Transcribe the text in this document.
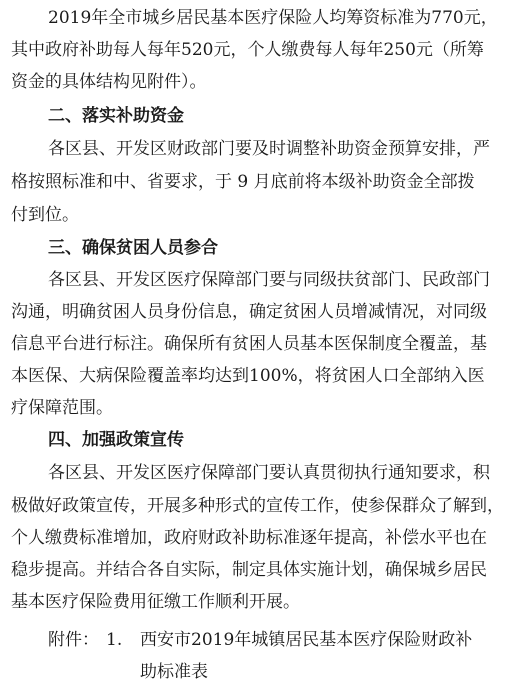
2019年全市城乡居民基本医疗保险人均筹资标准为770元，
其中政府补助每人每年520元，个人缴费每人每年250元（所筹
资金的具体结构见附件）。
二、落实补助资金
各区县、开发区财政部门要及时调整补助资金预算安排，严
格按照标准和中、省要求，于 9 月底前将本级补助资金全部拨
付到位。
三、确保贫困人员参合
各区县、开发区医疗保障部门要与同级扶贫部门、民政部门
沟通，明确贫困人员身份信息，确定贫困人员增减情况，对同级
信息平台进行标注。确保所有贫困人员基本医保制度全覆盖，基
本医保、大病保险覆盖率均达到100%，将贫困人口全部纳入医
疗保障范围。
四、加强政策宣传
各区县、开发区医疗保障部门要认真贯彻执行通知要求，积
极做好政策宣传，开展多种形式的宣传工作，使参保群众了解到，
个人缴费标准增加，政府财政补助标准逐年提高，补偿水平也在
稳步提高。并结合各自实际，制定具体实施计划，确保城乡居民
基本医疗保险费用征缴工作顺利开展。
附件： 1. 西安市2019年城镇居民基本医疗保险财政补
助标准表
